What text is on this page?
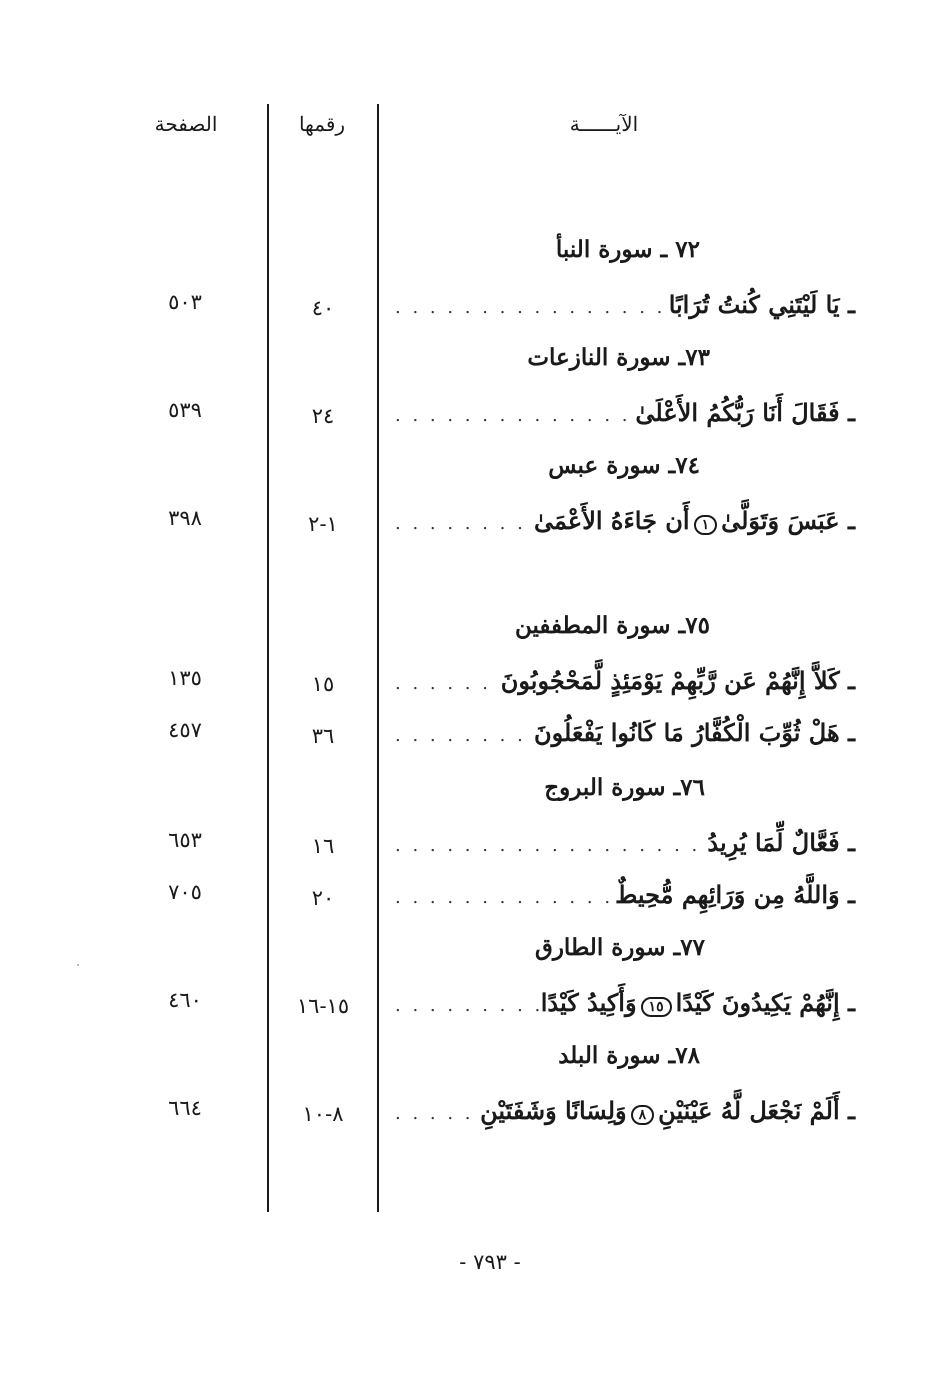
الصفحة	رقمها	الآيــــــة
٧٢ ـ سورة النبأ
٥٠٣	٤٠	ـ يَا لَيْتَنِي كُنتُ تُرَابًا
. . .
٧٣ـ سورة النازعات
٥٣٩	٢٤	ـ فَقَالَ أَنَا رَبُّكُمُ الأَعْلَىٰ
. . .
٧٤ـ سورة عبس
٣٩٨	١-٢	ـ عَبَسَ وَتَوَلَّىٰ
١
أَن جَاءَهُ الأَعْمَىٰ
. . .
٧٥ـ سورة المطففين
١٣٥	١٥	ـ كَلاَّ إِنَّهُمْ عَن رَّبِّهِمْ يَوْمَئِذٍ لَّمَحْجُوبُونَ
. . .
٤٥٧	٣٦	ـ هَلْ ثُوِّبَ الْكُفَّارُ مَا كَانُوا يَفْعَلُونَ
. . .
٧٦ـ سورة البروج
٦٥٣	١٦	ـ فَعَّالٌ لِّمَا يُرِيدُ
. . .
٧٠٥	٢٠	ـ وَاللَّهُ مِن وَرَائِهِم مُّحِيطٌ
. . .
٧٧ـ سورة الطارق
٤٦٠	١٥-١٦	ـ إِنَّهُمْ يَكِيدُونَ كَيْدًا
١٥
وَأَكِيدُ كَيْدًا
. . .
٧٨ـ سورة البلد
٦٦٤	٨-١٠	ـ أَلَمْ نَجْعَل لَّهُ عَيْنَيْنِ
٨
وَلِسَانًا وَشَفَتَيْنِ
. . .
- ٧٩٣ -
